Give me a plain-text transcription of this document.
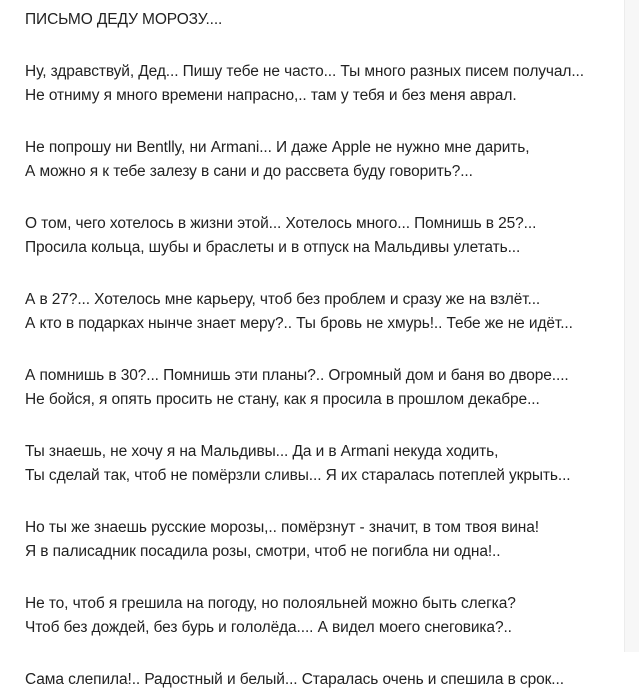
ПИСЬМО ДЕДУ МОРОЗУ....
Ну, здравствуй, Дед... Пишу тебе не часто... Ты много разных писем получал...
Не отниму я много времени напрасно,.. там у тебя и без меня аврал.
Не попрошу ни Bentlly, ни Armani... И даже Apple не нужно мне дарить,
А можно я к тебе залезу в сани и до рассвета буду говорить?...
О том, чего хотелось в жизни этой... Хотелось много... Помнишь в 25?...
Просила кольца, шубы и браслеты и в отпуск на Мальдивы улетать...
А в 27?... Хотелось мне карьеру, чтоб без проблем и сразу же на взлёт...
А кто в подарках нынче знает меру?.. Ты бровь не хмурь!.. Тебе же не идёт...
А помнишь в 30?... Помнишь эти планы?.. Огромный дом и баня во дворе....
Не бойся, я опять просить не стану, как я просила в прошлом декабре...
Ты знаешь, не хочу я на Мальдивы... Да и в Armani некуда ходить,
Ты сделай так, чтоб не помёрзли сливы... Я их старалась потеплей укрыть...
Но ты же знаешь русские морозы,.. помёрзнут - значит, в том твоя вина!
Я в палисадник посадила розы, смотри, чтоб не погибла ни одна!..
Не то, чтоб я грешила на погоду, но полояльней можно быть слегка?
Чтоб без дождей, без бурь и гололёда.... А видел моего снеговика?..
Сама слепила!.. Радостный и белый... Старалась очень и спешила в срок...
